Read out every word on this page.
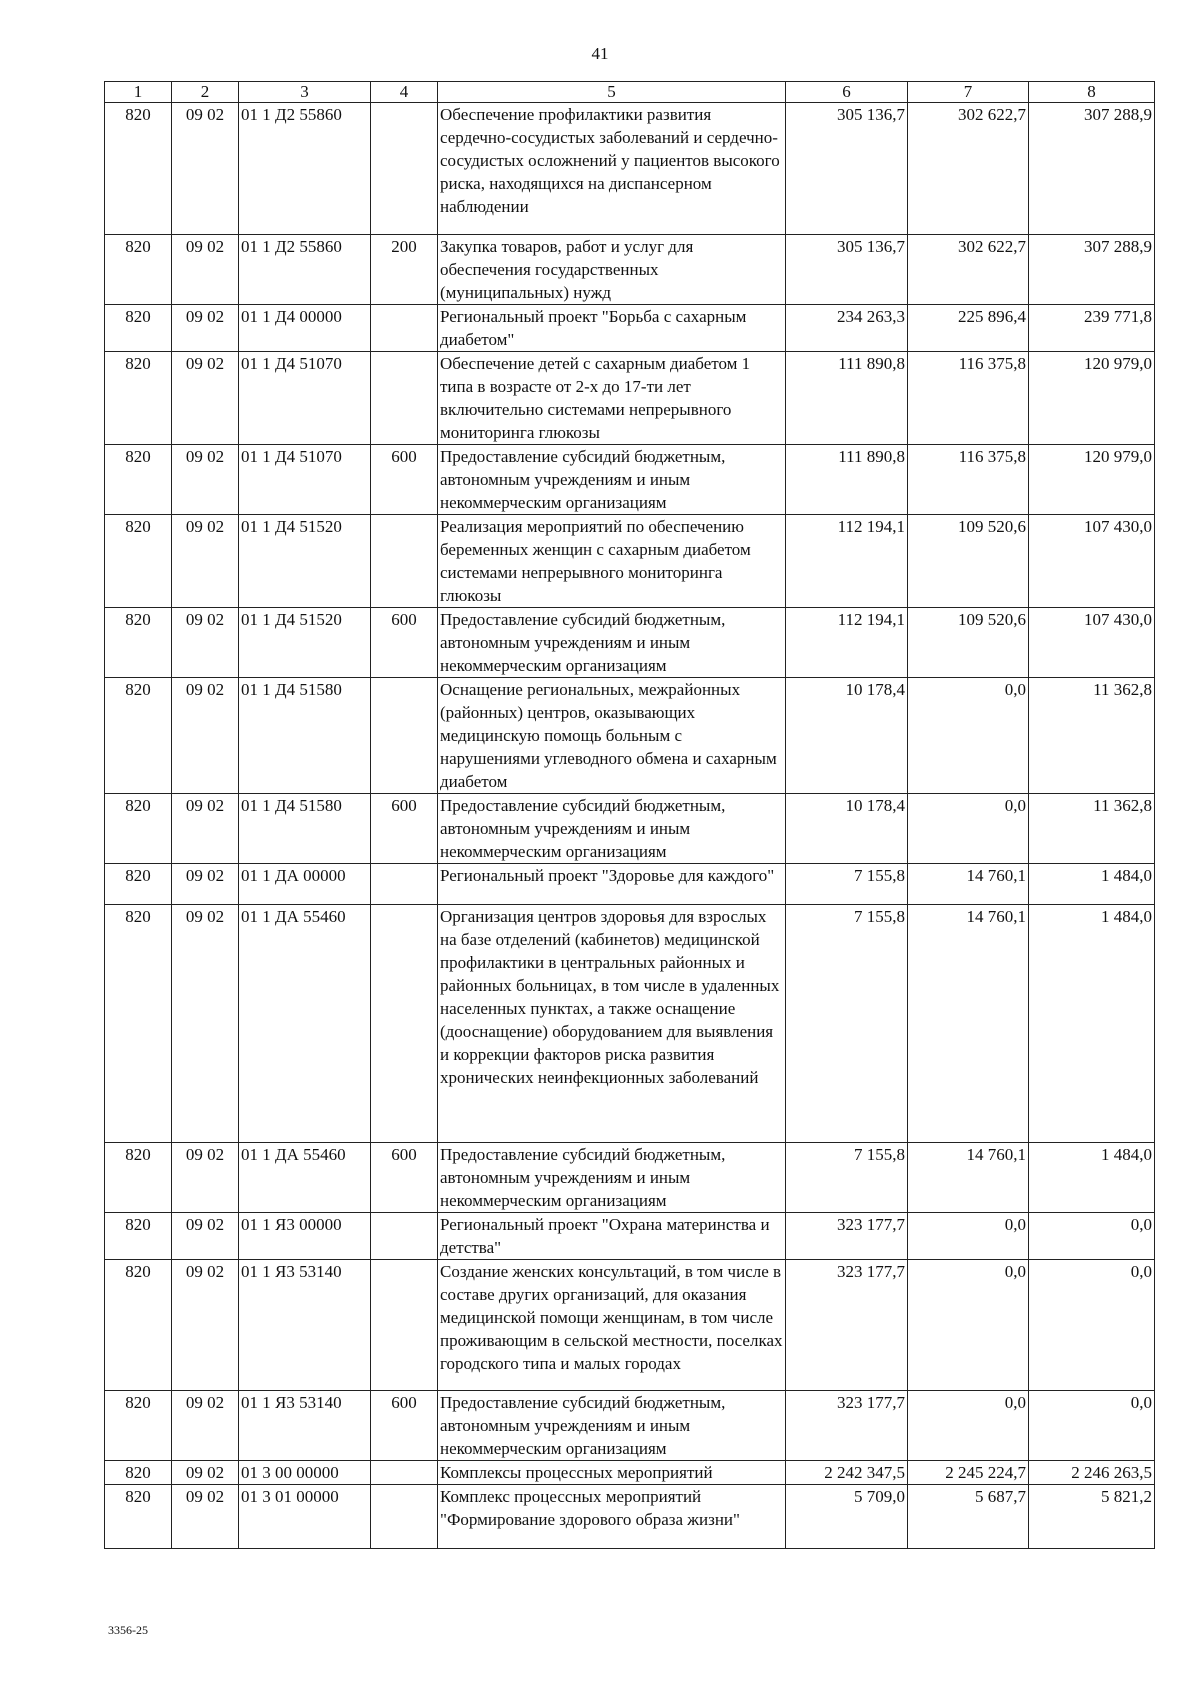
41
1	2	3	4	5	6	7	8
820	09 02	01 1 Д2 55860		Обеспечение профилактики развития сердечно-сосудистых заболеваний и сердечно-сосудистых осложнений у пациентов высокого риска, находящихся на диспансерном наблюдении	305 136,7	302 622,7	307 288,9
820	09 02	01 1 Д2 55860	200	Закупка товаров, работ и услуг для обеспечения государственных (муниципальных) нужд	305 136,7	302 622,7	307 288,9
820	09 02	01 1 Д4 00000		Региональный проект "Борьба с сахарным диабетом"	234 263,3	225 896,4	239 771,8
820	09 02	01 1 Д4 51070		Обеспечение детей с сахарным диабетом 1 типа в возрасте от 2-х до 17-ти лет включительно системами непрерывного мониторинга глюкозы	111 890,8	116 375,8	120 979,0
820	09 02	01 1 Д4 51070	600	Предоставление субсидий бюджетным, автономным учреждениям и иным некоммерческим организациям	111 890,8	116 375,8	120 979,0
820	09 02	01 1 Д4 51520		Реализация мероприятий по обеспечению беременных женщин с сахарным диабетом системами непрерывного мониторинга глюкозы	112 194,1	109 520,6	107 430,0
820	09 02	01 1 Д4 51520	600	Предоставление субсидий бюджетным, автономным учреждениям и иным некоммерческим организациям	112 194,1	109 520,6	107 430,0
820	09 02	01 1 Д4 51580		Оснащение региональных, межрайонных (районных) центров, оказывающих медицинскую помощь больным с нарушениями углеводного обмена и сахарным диабетом	10 178,4	0,0	11 362,8
820	09 02	01 1 Д4 51580	600	Предоставление субсидий бюджетным, автономным учреждениям и иным некоммерческим организациям	10 178,4	0,0	11 362,8
820	09 02	01 1 ДА 00000		Региональный проект "Здоровье для каждого"	7 155,8	14 760,1	1 484,0
820	09 02	01 1 ДА 55460		Организация центров здоровья для взрослых на базе отделений (кабинетов) медицинской профилактики в центральных районных и районных больницах, в том числе в удаленных населенных пунктах, а также оснащение (дооснащение) оборудованием для выявления и коррекции факторов риска развития хронических неинфекционных заболеваний	7 155,8	14 760,1	1 484,0
820	09 02	01 1 ДА 55460	600	Предоставление субсидий бюджетным, автономным учреждениям и иным некоммерческим организациям	7 155,8	14 760,1	1 484,0
820	09 02	01 1 Я3 00000		Региональный проект "Охрана материнства и детства"	323 177,7	0,0	0,0
820	09 02	01 1 Я3 53140		Создание женских консультаций, в том числе в составе других организаций, для оказания медицинской помощи женщинам, в том числе проживающим в сельской местности, поселках городского типа и малых городах	323 177,7	0,0	0,0
820	09 02	01 1 Я3 53140	600	Предоставление субсидий бюджетным, автономным учреждениям и иным некоммерческим организациям	323 177,7	0,0	0,0
820	09 02	01 3 00 00000		Комплексы процессных мероприятий	2 242 347,5	2 245 224,7	2 246 263,5
820	09 02	01 3 01 00000		Комплекс процессных мероприятий "Формирование здорового образа жизни"	5 709,0	5 687,7	5 821,2
3356-25
